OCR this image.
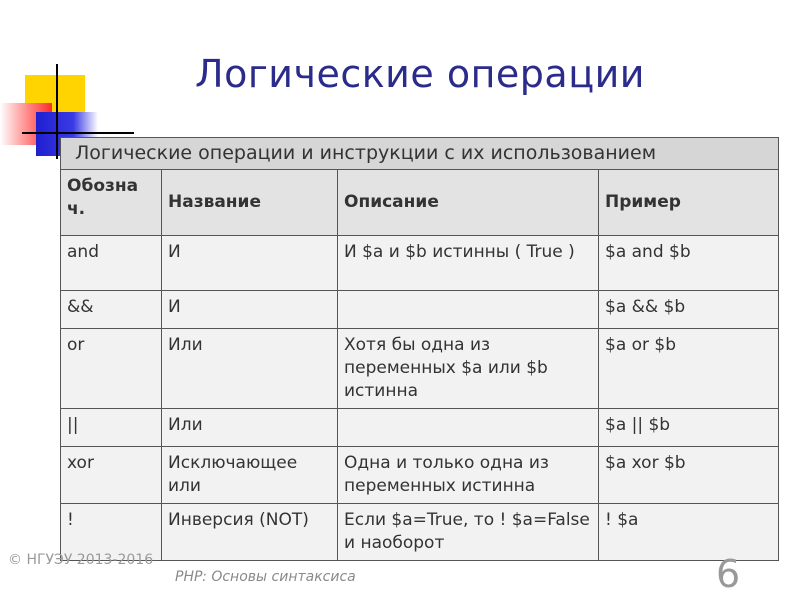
Логические операции
Логические операции и инструкции с их использованием			
Обозна ч.	Название	Описание	Пример
and	И	И $a и $b истинны ( True )	$a and $b
&&	И		$a && $b
or	Или	Хотя бы одна из переменных $a или $b истинна	$a or $b
||	Или		$a || $b
xor	Исключающее или	Одна и только одна из переменных истинна	$a xor $b
!	Инверсия (NOT)	Если $a=True, то ! $a=False и наоборот	! $a
© НГУЭУ 2013-2016
PHP: Основы синтаксиса	6
